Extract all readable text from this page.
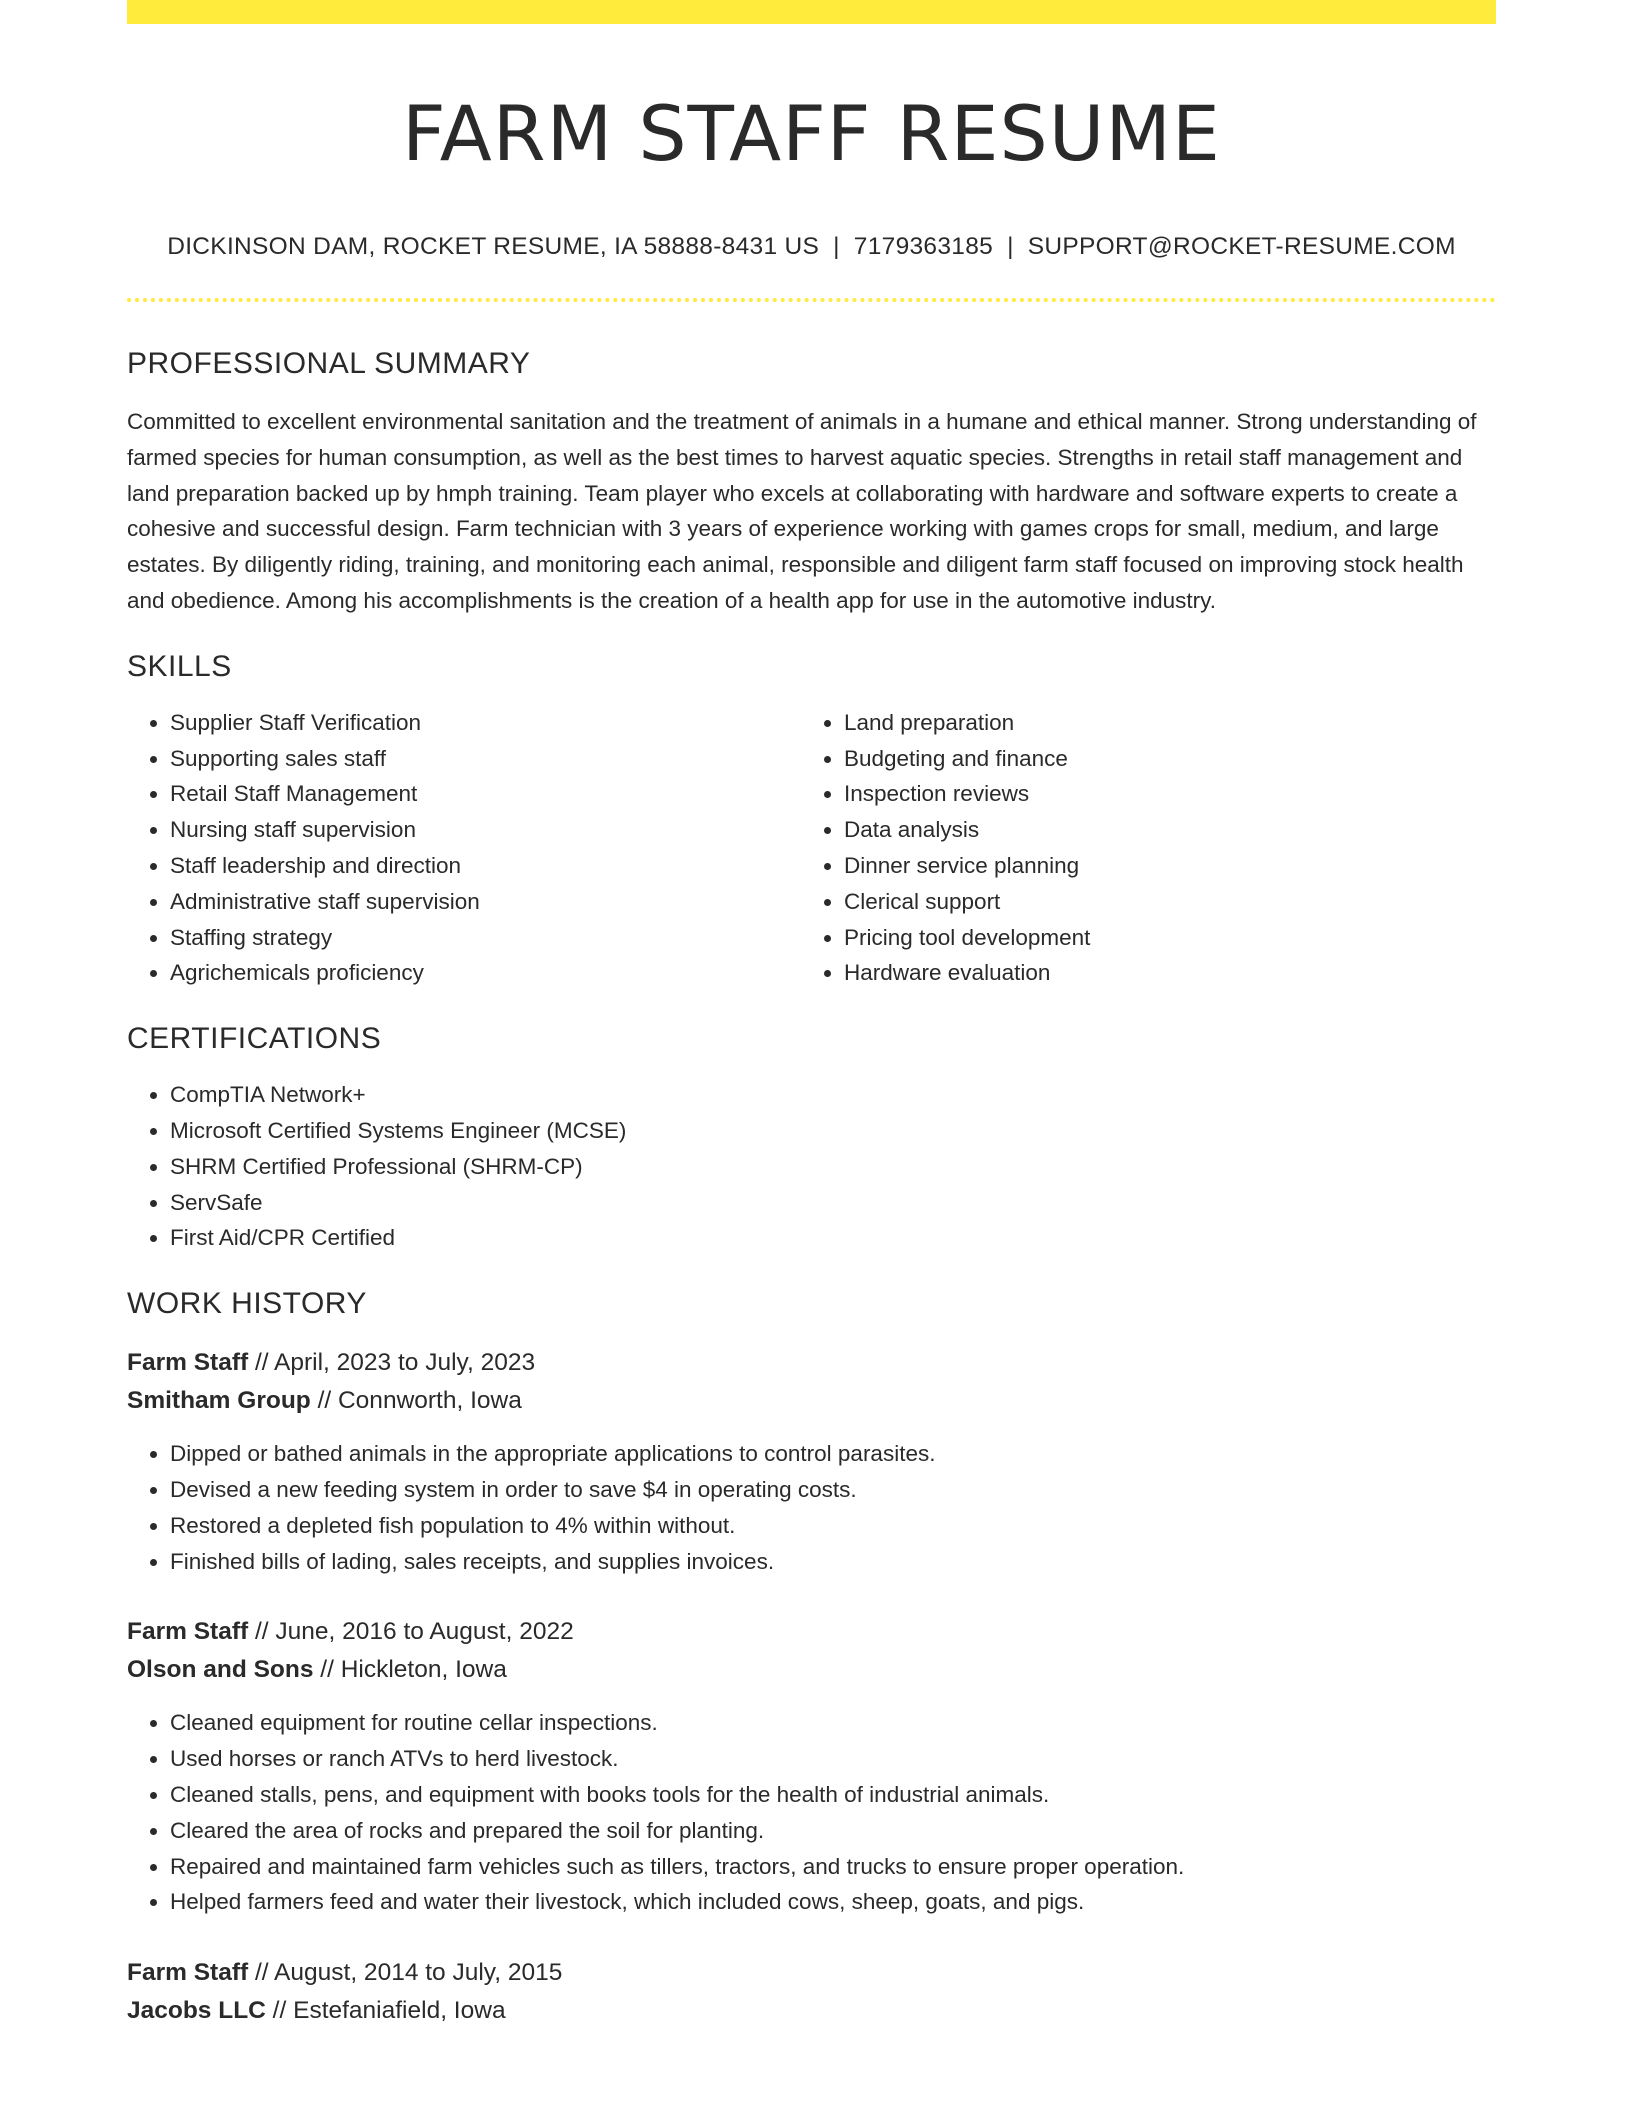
FARM STAFF RESUME
DICKINSON DAM, ROCKET RESUME, IA 58888-8431 US | 7179363185 | SUPPORT@ROCKET-RESUME.COM
PROFESSIONAL SUMMARY
Committed to excellent environmental sanitation and the treatment of animals in a humane and ethical manner. Strong understanding of farmed species for human consumption, as well as the best times to harvest aquatic species. Strengths in retail staff management and land preparation backed up by hmph training. Team player who excels at collaborating with hardware and software experts to create a cohesive and successful design. Farm technician with 3 years of experience working with games crops for small, medium, and large estates. By diligently riding, training, and monitoring each animal, responsible and diligent farm staff focused on improving stock health and obedience. Among his accomplishments is the creation of a health app for use in the automotive industry.
SKILLS
• Supplier Staff Verification
• Supporting sales staff
• Retail Staff Management
• Nursing staff supervision
• Staff leadership and direction
• Administrative staff supervision
• Staffing strategy
• Agrichemicals proficiency
• Land preparation
• Budgeting and finance
• Inspection reviews
• Data analysis
• Dinner service planning
• Clerical support
• Pricing tool development
• Hardware evaluation
CERTIFICATIONS
• CompTIA Network+
• Microsoft Certified Systems Engineer (MCSE)
• SHRM Certified Professional (SHRM-CP)
• ServSafe
• First Aid/CPR Certified
WORK HISTORY
Farm Staff // April, 2023 to July, 2023
Smitham Group // Connworth, Iowa
• Dipped or bathed animals in the appropriate applications to control parasites.
• Devised a new feeding system in order to save $4 in operating costs.
• Restored a depleted fish population to 4% within without.
• Finished bills of lading, sales receipts, and supplies invoices.
Farm Staff // June, 2016 to August, 2022
Olson and Sons // Hickleton, Iowa
• Cleaned equipment for routine cellar inspections.
• Used horses or ranch ATVs to herd livestock.
• Cleaned stalls, pens, and equipment with books tools for the health of industrial animals.
• Cleared the area of rocks and prepared the soil for planting.
• Repaired and maintained farm vehicles such as tillers, tractors, and trucks to ensure proper operation.
• Helped farmers feed and water their livestock, which included cows, sheep, goats, and pigs.
Farm Staff // August, 2014 to July, 2015
Jacobs LLC // Estefaniafield, Iowa
